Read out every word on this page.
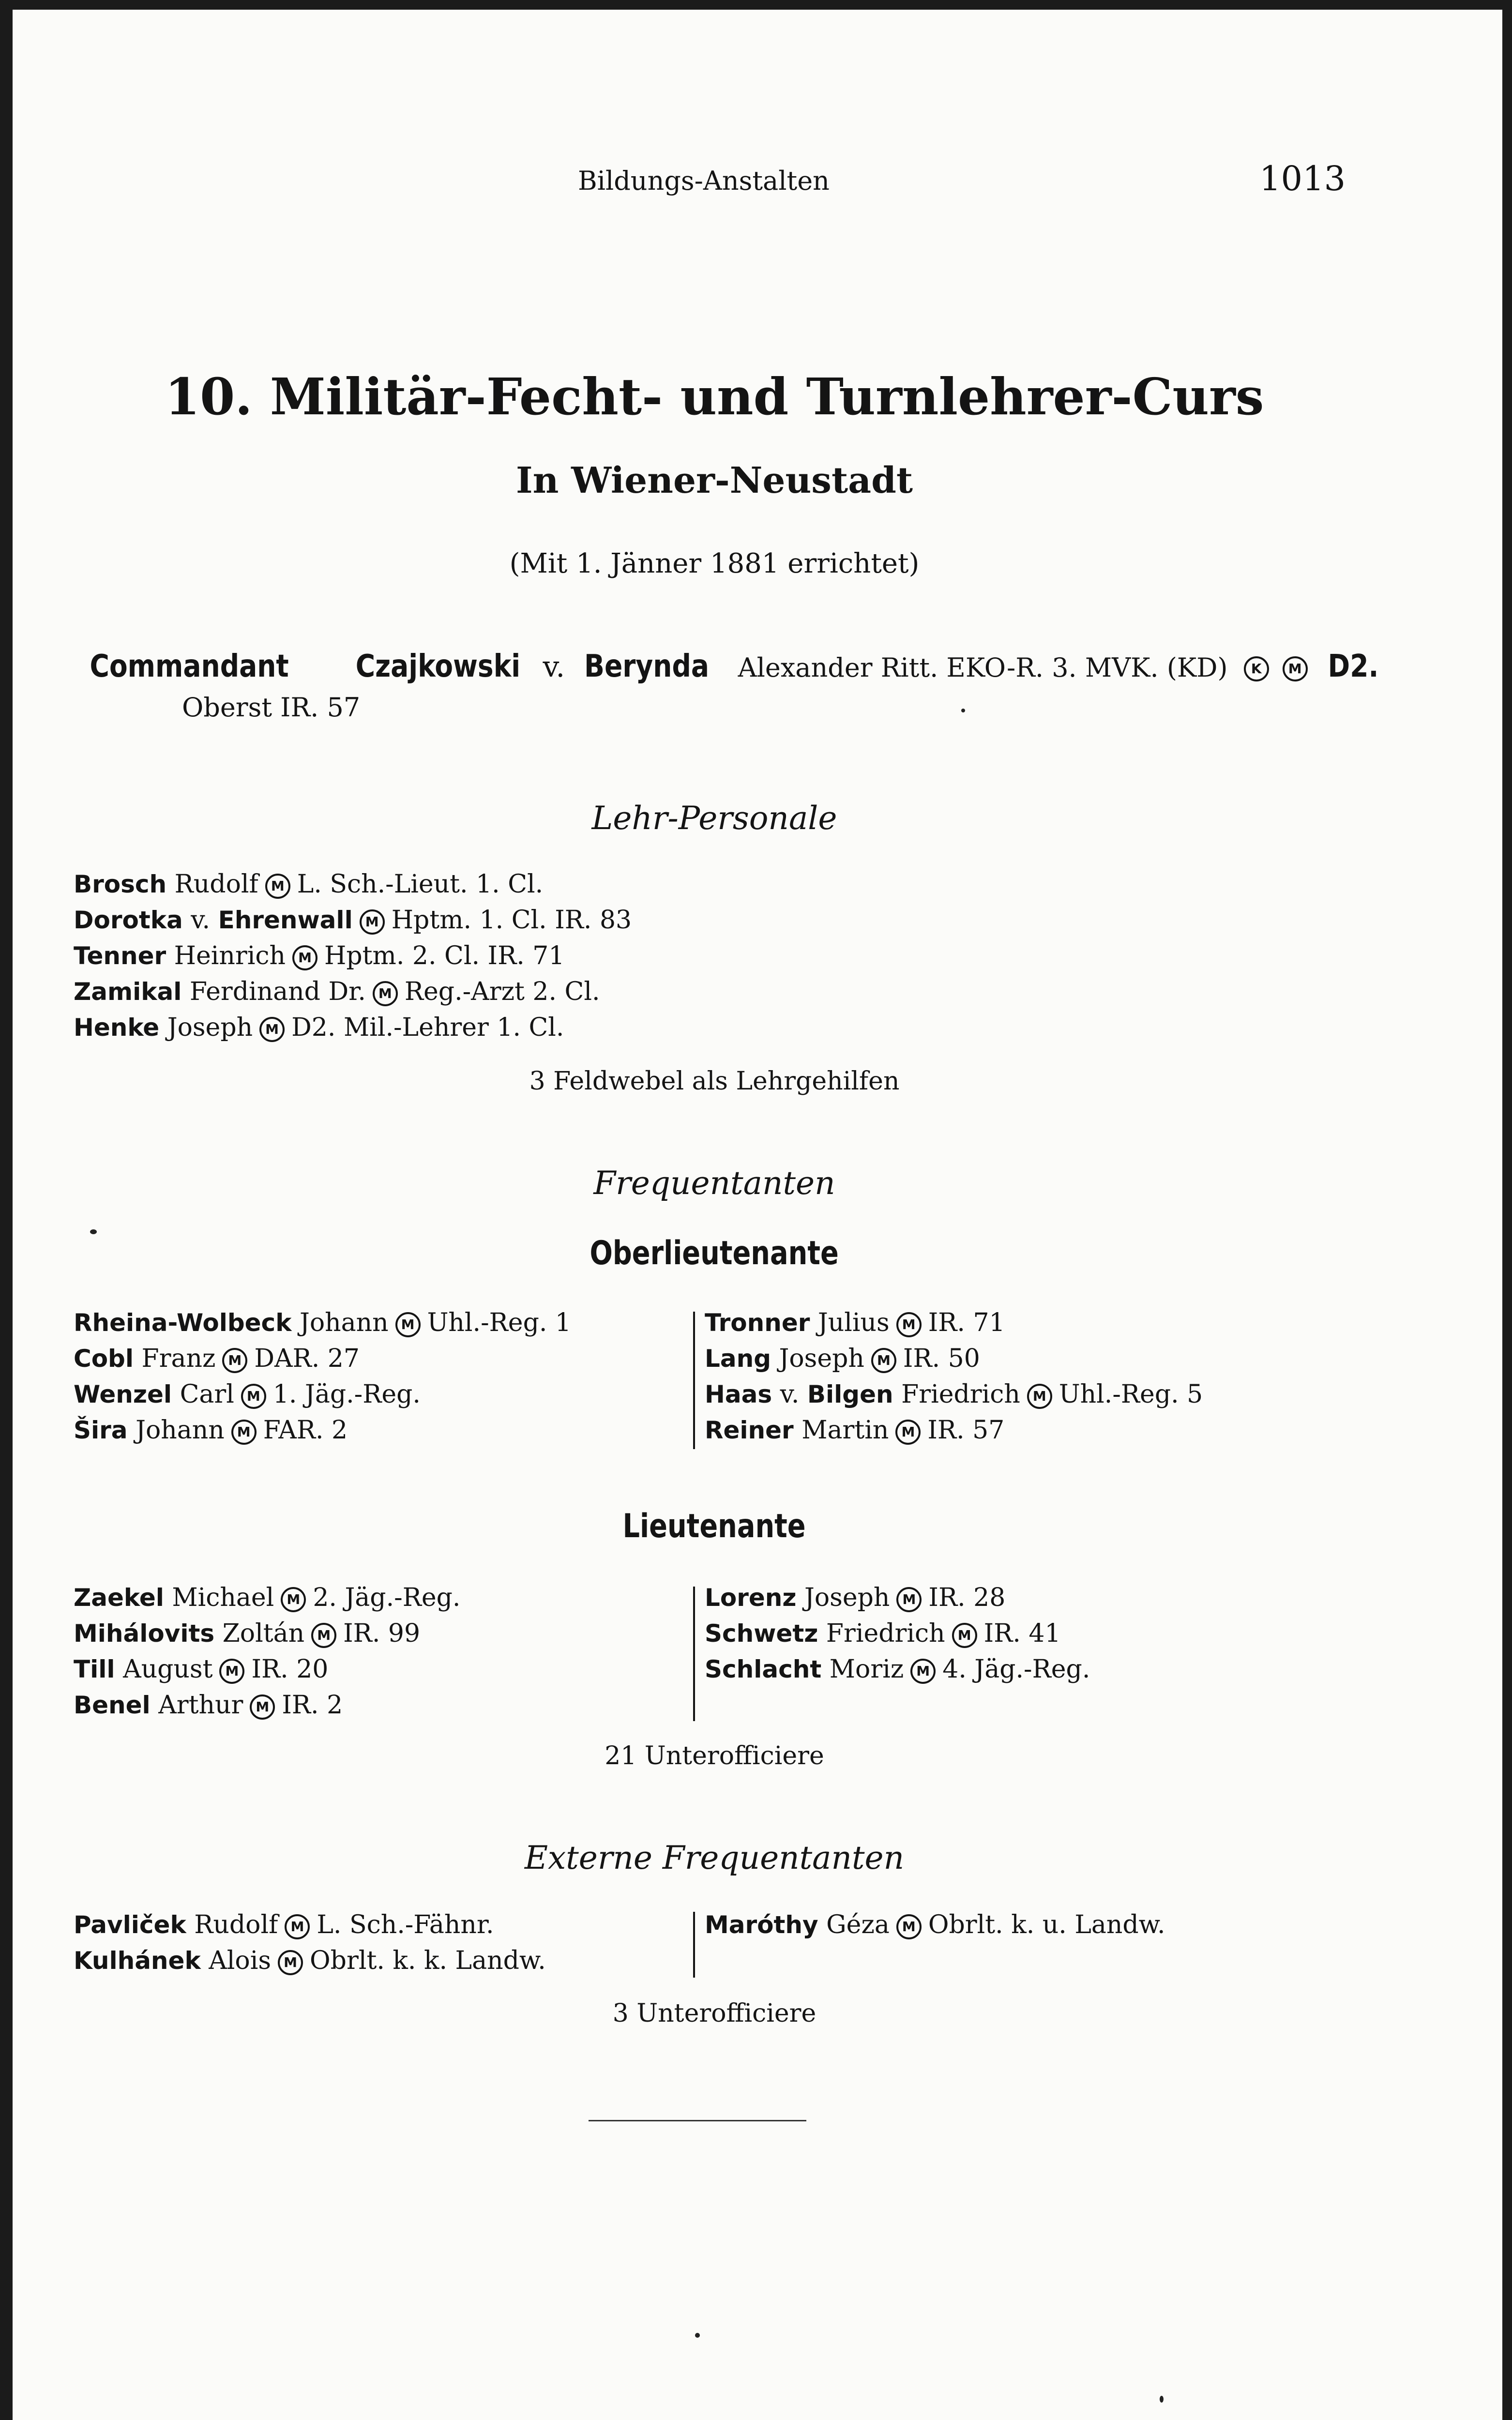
Bildungs-Anstalten	1013
10. Militär-Fecht- und Turnlehrer-Curs
In Wiener-Neustadt
(Mit 1. Jänner 1881 errichtet)
Commandant Czajkowski v. Berynda Alexander Ritt. EKO-R. 3. MVK. (KD) K M D2.
Oberst IR. 57
Lehr-Personale
Brosch Rudolf M L. Sch.-Lieut. 1. Cl.
Dorotka v. Ehrenwall M Hptm. 1. Cl. IR. 83
Tenner Heinrich M Hptm. 2. Cl. IR. 71
Zamikal Ferdinand Dr. M Reg.-Arzt 2. Cl.
Henke Joseph M D2. Mil.-Lehrer 1. Cl.
3 Feldwebel als Lehrgehilfen
Frequentanten
Oberlieutenante
Rheina-Wolbeck Johann M Uhl.-Reg. 1
Cobl Franz M DAR. 27
Wenzel Carl M 1. Jäg.-Reg.
Šira Johann M FAR. 2
Tronner Julius M IR. 71
Lang Joseph M IR. 50
Haas v. Bilgen Friedrich M Uhl.-Reg. 5
Reiner Martin M IR. 57
Lieutenante
Zaekel Michael M 2. Jäg.-Reg.
Mihálovits Zoltán M IR. 99
Till August M IR. 20
Benel Arthur M IR. 2
Lorenz Joseph M IR. 28
Schwetz Friedrich M IR. 41
Schlacht Moriz M 4. Jäg.-Reg.
21 Unterofficiere
Externe Frequentanten
Pavliček Rudolf M L. Sch.-Fähnr.
Kulhánek Alois M Obrlt. k. k. Landw.
Maróthy Géza M Obrlt. k. u. Landw.
3 Unterofficiere
